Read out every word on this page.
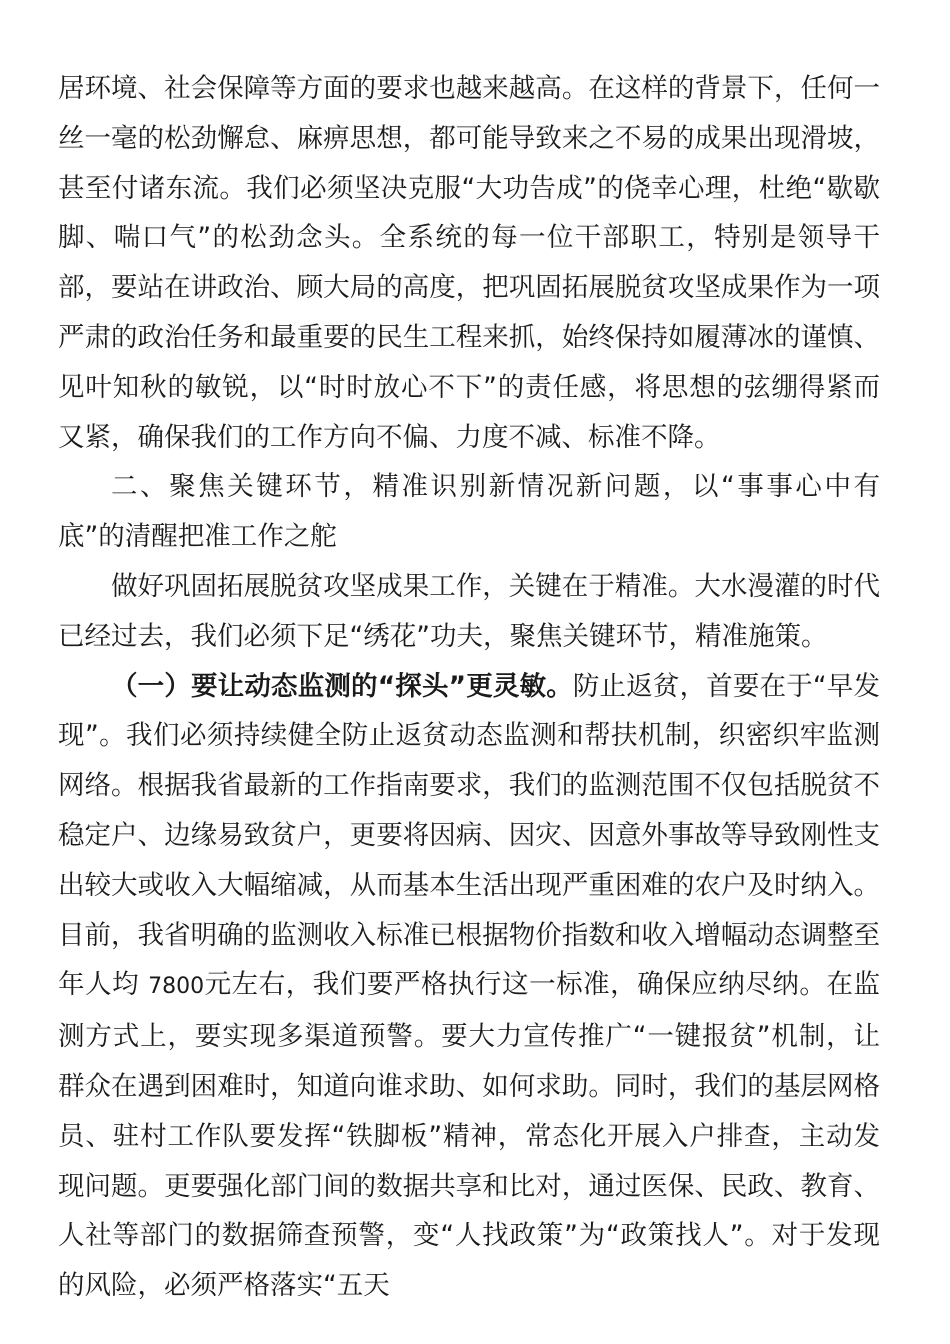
居环境、社会保障等方面的要求也越来越高。在这样的背景下，任何一丝一毫的松劲懈怠、麻痹思想，都可能导致来之不易的成果出现滑坡，甚至付诸东流。我们必须坚决克服“大功告成”的侥幸心理，杜绝“歇歇脚、喘口气”的松劲念头。全系统的每一位干部职工，特别是领导干部，要站在讲政治、顾大局的高度，把巩固拓展脱贫攻坚成果作为一项严肃的政治任务和最重要的民生工程来抓，始终保持如履薄冰的谨慎、见叶知秋的敏锐，以“时时放心不下”的责任感，将思想的弦绷得紧而又紧，确保我们的工作方向不偏、力度不减、标准不降。

二、聚焦关键环节，精准识别新情况新问题，以“事事心中有底”的清醒把准工作之舵

做好巩固拓展脱贫攻坚成果工作，关键在于精准。大水漫灌的时代已经过去，我们必须下足“绣花”功夫，聚焦关键环节，精准施策。

（一）要让动态监测的“探头”更灵敏。防止返贫，首要在于“早发现”。我们必须持续健全防止返贫动态监测和帮扶机制，织密织牢监测网络。根据我省最新的工作指南要求，我们的监测范围不仅包括脱贫不稳定户、边缘易致贫户，更要将因病、因灾、因意外事故等导致刚性支出较大或收入大幅缩减，从而基本生活出现严重困难的农户及时纳入。目前，我省明确的监测收入标准已根据物价指数和收入增幅动态调整至年人均 7800元左右，我们要严格执行这一标准，确保应纳尽纳。在监测方式上，要实现多渠道预警。要大力宣传推广“一键报贫”机制，让群众在遇到困难时，知道向谁求助、如何求助。同时，我们的基层网格员、驻村工作队要发挥“铁脚板”精神，常态化开展入户排查，主动发现问题。更要强化部门间的数据共享和比对，通过医保、民政、教育、人社等部门的数据筛查预警，变“人找政策”为“政策找人”。对于发现的风险，必须严格落实“五天
